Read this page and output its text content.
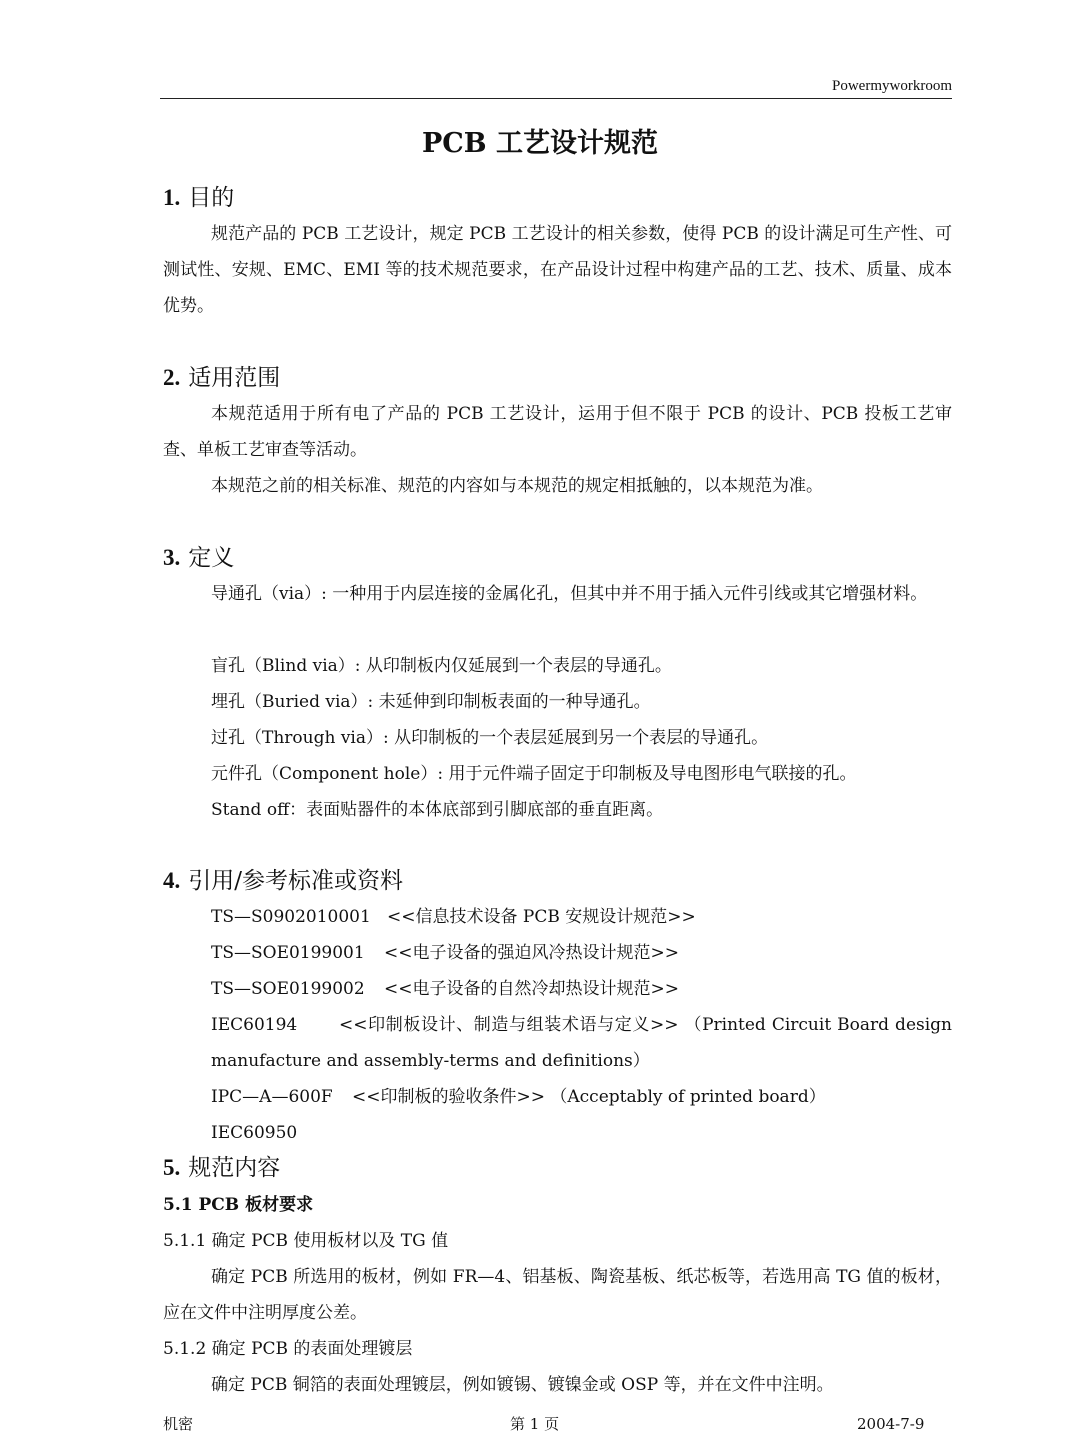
Powermyworkroom
PCB 工艺设计规范
1. 目的
规范产品的 PCB 工艺设计，规定 PCB 工艺设计的相关参数，使得 PCB 的设计满足可生产性、可测试性、安规、EMC、EMI 等的技术规范要求，在产品设计过程中构建产品的工艺、技术、质量、成本优势。
2. 适用范围
本规范适用于所有电了产品的 PCB 工艺设计，运用于但不限于 PCB 的设计、PCB 投板工艺审查、单板工艺审查等活动。
本规范之前的相关标准、规范的内容如与本规范的规定相抵触的，以本规范为准。
3. 定义
导通孔（via）: 一种用于内层连接的金属化孔，但其中并不用于插入元件引线或其它增强材料。
盲孔（Blind via）: 从印制板内仅延展到一个表层的导通孔。
埋孔（Buried via）: 未延伸到印制板表面的一种导通孔。
过孔（Through via）: 从印制板的一个表层延展到另一个表层的导通孔。
元件孔（Component hole）: 用于元件端子固定于印制板及导电图形电气联接的孔。
Stand off：表面贴器件的本体底部到引脚底部的垂直距离。
4. 引用/参考标准或资料
TS—S0902010001 <<信息技术设备 PCB 安规设计规范>>
TS—SOE0199001 <<电子设备的强迫风冷热设计规范>>
TS—SOE0199002 <<电子设备的自然冷却热设计规范>>
IEC60194 <<印制板设计、制造与组装术语与定义>> （Printed Circuit Board design manufacture and assembly-terms and definitions）
IPC—A—600F <<印制板的验收条件>> （Acceptably of printed board）
IEC60950
5. 规范内容
5.1 PCB 板材要求
5.1.1 确定 PCB 使用板材以及 TG 值
确定 PCB 所选用的板材，例如 FR—4、铝基板、陶瓷基板、纸芯板等，若选用高 TG 值的板材，应在文件中注明厚度公差。
5.1.2 确定 PCB 的表面处理镀层
确定 PCB 铜箔的表面处理镀层，例如镀锡、镀镍金或 OSP 等，并在文件中注明。
机密	第 1 页	2004-7-9
